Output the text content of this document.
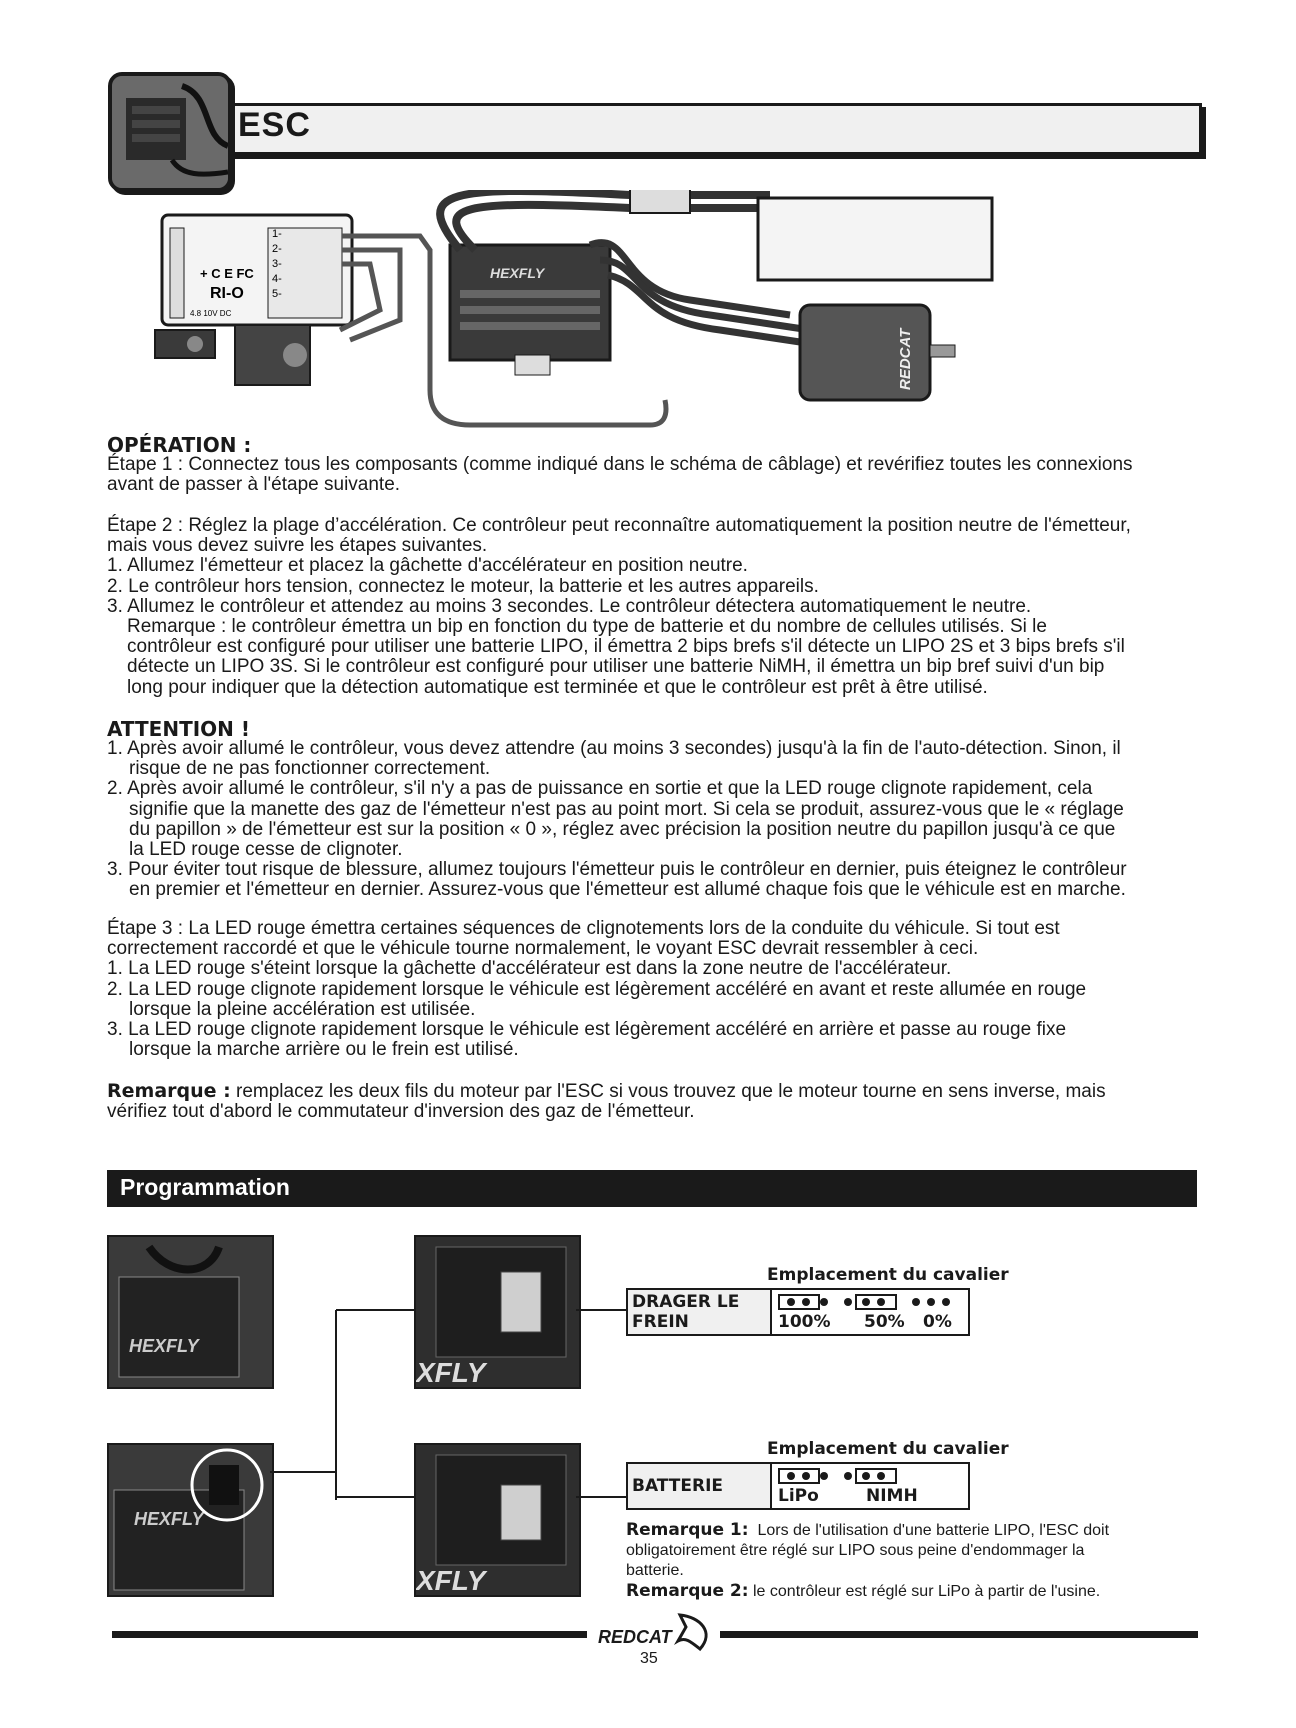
ESC
+ C E FC
RI-O
4.8 10V DC
1-
2-
3-
4-
5-
HEXFLY
REDCAT
OPÉRATION :
Étape 1 : Connectez tous les composants (comme indiqué dans le schéma de câblage) et revérifiez toutes les connexions
avant de passer à l'étape suivante.
Étape 2 : Réglez la plage d’accélération. Ce contrôleur peut reconnaître automatiquement la position neutre de l'émetteur,
mais vous devez suivre les étapes suivantes.
1. Allumez l'émetteur et placez la gâchette d'accélérateur en position neutre.
2. Le contrôleur hors tension, connectez le moteur, la batterie et les autres appareils.
3. Allumez le contrôleur et attendez au moins 3 secondes. Le contrôleur détectera automatiquement le neutre.
Remarque : le contrôleur émettra un bip en fonction du type de batterie et du nombre de cellules utilisés. Si le
contrôleur est configuré pour utiliser une batterie LIPO, il émettra 2 bips brefs s'il détecte un LIPO 2S et 3 bips brefs s'il
détecte un LIPO 3S. Si le contrôleur est configuré pour utiliser une batterie NiMH, il émettra un bip bref suivi d'un bip
long pour indiquer que la détection automatique est terminée et que le contrôleur est prêt à être utilisé.
ATTENTION !
1. Après avoir allumé le contrôleur, vous devez attendre (au moins 3 secondes) jusqu'à la fin de l'auto-détection. Sinon, il
risque de ne pas fonctionner correctement.
2. Après avoir allumé le contrôleur, s'il n'y a pas de puissance en sortie et que la LED rouge clignote rapidement, cela
signifie que la manette des gaz de l'émetteur n'est pas au point mort. Si cela se produit, assurez-vous que le « réglage
du papillon » de l'émetteur est sur la position « 0 », réglez avec précision la position neutre du papillon jusqu'à ce que
la LED rouge cesse de clignoter.
3. Pour éviter tout risque de blessure, allumez toujours l'émetteur puis le contrôleur en dernier, puis éteignez le contrôleur
en premier et l'émetteur en dernier. Assurez-vous que l'émetteur est allumé chaque fois que le véhicule est en marche.
Étape 3 : La LED rouge émettra certaines séquences de clignotements lors de la conduite du véhicule. Si tout est
correctement raccordé et que le véhicule tourne normalement, le voyant ESC devrait ressembler à ceci.
1. La LED rouge s'éteint lorsque la gâchette d'accélérateur est dans la zone neutre de l'accélérateur.
2. La LED rouge clignote rapidement lorsque le véhicule est légèrement accéléré en avant et reste allumée en rouge
lorsque la pleine accélération est utilisée.
3. La LED rouge clignote rapidement lorsque le véhicule est légèrement accéléré en arrière et passe au rouge fixe
lorsque la marche arrière ou le frein est utilisé.
Remarque : remplacez les deux fils du moteur par l'ESC si vous trouvez que le moteur tourne en sens inverse, mais
vérifiez tout d'abord le commutateur d'inversion des gaz de l'émetteur.
Programmation
HEXFLY
HEXFLY
XFLY
XFLY
Emplacement du cavalier
DRAGER LE
FREIN	100% 50% 0%
Emplacement du cavalier
BATTERIE	LiPo	NIMH
Remarque 1:  Lors de l'utilisation d'une batterie LIPO, l'ESC doit
obligatoirement être réglé sur LIPO sous peine d'endommager la
batterie.
Remarque 2: le contrôleur est réglé sur LiPo à partir de l'usine.
REDCAT
35
